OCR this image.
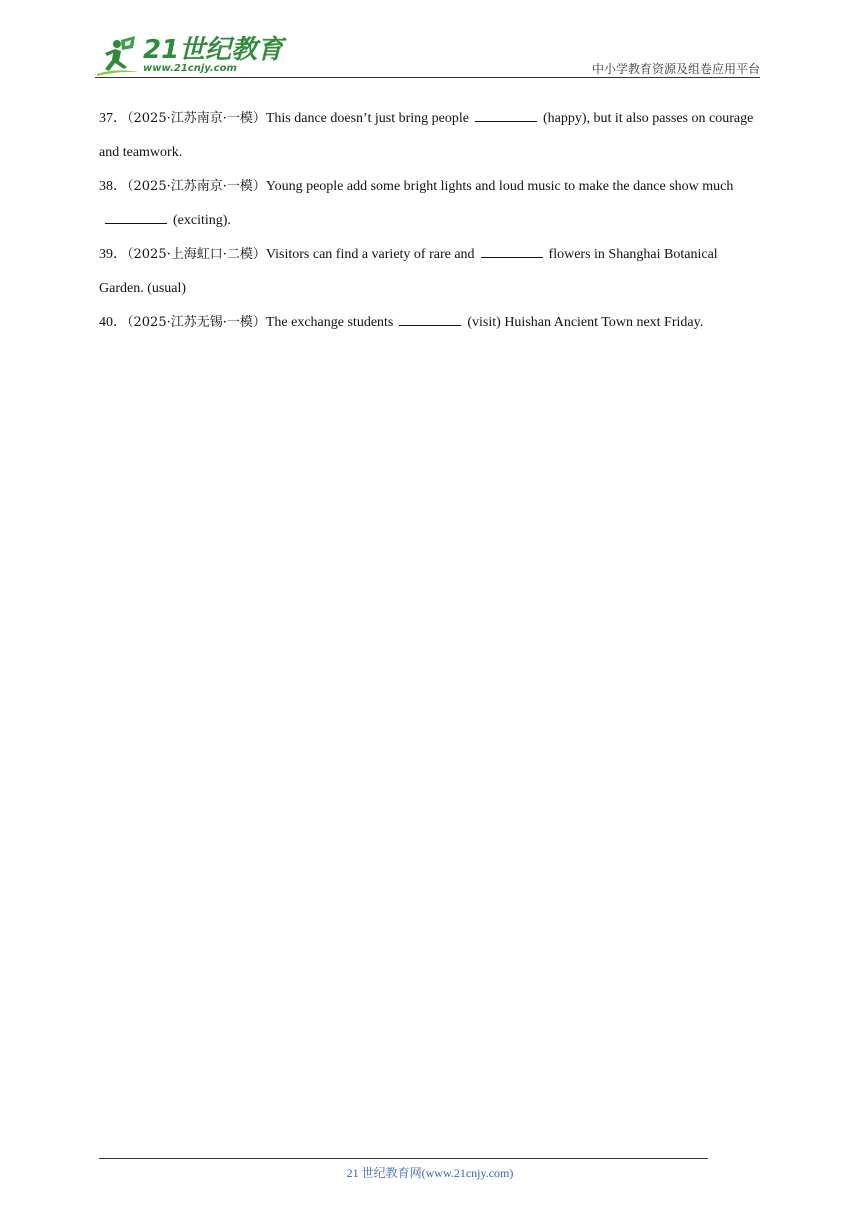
21世纪教育
www.21cnjy.com	中小学教育资源及组卷应用平台

37．（2025·江苏南京·一模）This dance doesn’t just bring people	(happy), but it also passes on courage and teamwork.

38．（2025·江苏南京·一模）Young people add some bright lights and loud music to make the dance show much(exciting).

39．（2025·上海虹口·二模）Visitors can find a variety of rare and	flowers in Shanghai Botanical Garden. (usual)

40．（2025·江苏无锡·一模）The exchange students	(visit) Huishan Ancient Town next Friday.

21 世纪教育网(www.21cnjy.com)
